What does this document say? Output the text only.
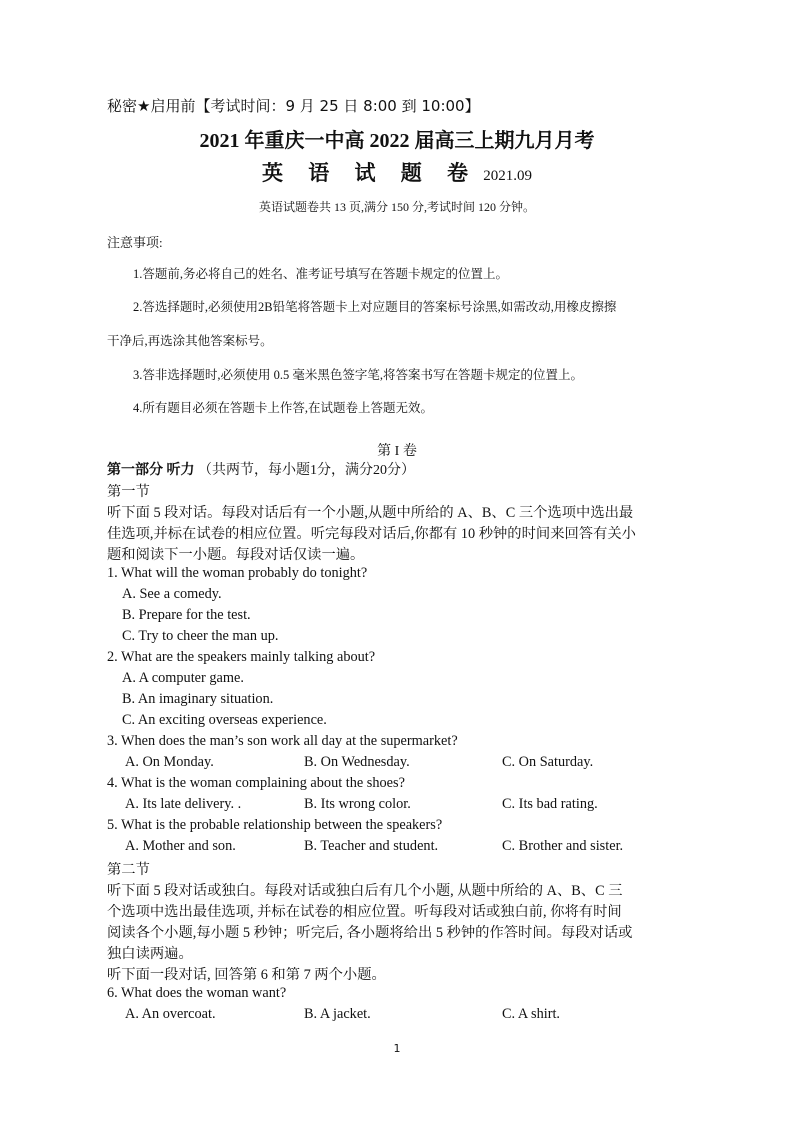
秘密★启用前【考试时间：9 月 25 日 8:00 到 10:00】
2021 年重庆一中高 2022 届高三上期九月月考
英 语 试 题 卷 2021.09
英语试题卷共 13 页,满分 150 分,考试时间 120 分钟。
注意事项:
1.答题前,务必将自己的姓名、准考证号填写在答题卡规定的位置上。
2.答选择题时,必须使用2B铅笔将答题卡上对应题目的答案标号涂黑,如需改动,用橡皮擦擦
干净后,再选涂其他答案标号。
3.答非选择题时,必须使用 0.5 毫米黑色签字笔,将答案书写在答题卡规定的位置上。
4.所有题目必须在答题卡上作答,在试题卷上答题无效。
第 I 卷
第一部分 听力 （共两节，每小题1分，满分20分）
第一节
听下面 5 段对话。每段对话后有一个小题,从题中所给的 A、B、C 三个选项中选出最
佳选项,并标在试卷的相应位置。听完每段对话后,你都有 10 秒钟的时间来回答有关小
题和阅读下一小题。每段对话仅读一遍。
1. What will the woman probably do tonight?
A. See a comedy.
B. Prepare for the test.
C. Try to cheer the man up.
2. What are the speakers mainly talking about?
A. A computer game.
B. An imaginary situation.
C. An exciting overseas experience.
3. When does the man’s son work all day at the supermarket?
A. On Monday.	B. On Wednesday.	C. On Saturday.
4. What is the woman complaining about the shoes?
A. Its late delivery. .	B. Its wrong color.	C. Its bad rating.
5. What is the probable relationship between the speakers?
A. Mother and son.	B. Teacher and student.	C. Brother and sister.
第二节
听下面 5 段对话或独白。每段对话或独白后有几个小题, 从题中所给的 A、B、C 三
个选项中选出最佳选项, 并标在试卷的相应位置。听每段对话或独白前, 你将有时间
阅读各个小题,每小题 5 秒钟；听完后, 各小题将给出 5 秒钟的作答时间。每段对话或
独白读两遍。
听下面一段对话, 回答第 6 和第 7 两个小题。
6. What does the woman want?
A. An overcoat.	B. A jacket.	C. A shirt.
1
